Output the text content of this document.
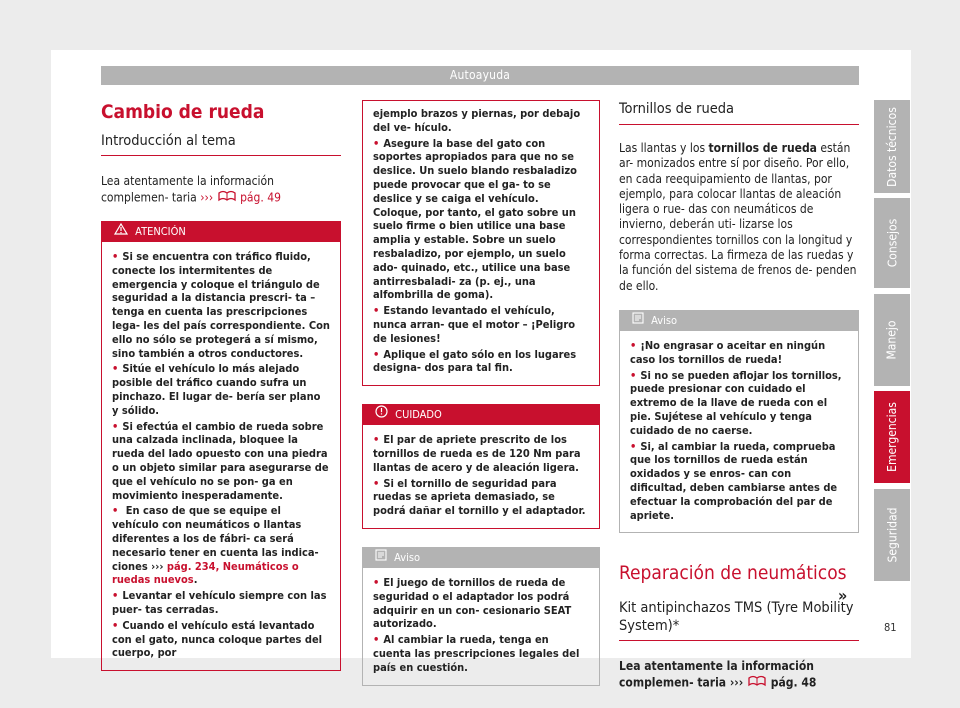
Autoayuda
Cambio de rueda
Introducción al tema
Lea atentamente la información complemen- taria ››› pág. 49
ATENCIÓN
• Si se encuentra con tráfico fluido, conecte los intermitentes de emergencia y coloque el triángulo de seguridad a la distancia prescri- ta – tenga en cuenta las prescripciones lega- les del país correspondiente. Con ello no sólo se protegerá a sí mismo, sino también a otros conductores.
• Sitúe el vehículo lo más alejado posible del tráfico cuando sufra un pinchazo. El lugar de- bería ser plano y sólido.
• Si efectúa el cambio de rueda sobre una calzada inclinada, bloquee la rueda del lado opuesto con una piedra o un objeto similar para asegurarse de que el vehículo no se pon- ga en movimiento inesperadamente.
• En caso de que se equipe el vehículo con neumáticos o llantas diferentes a los de fábri- ca será necesario tener en cuenta las indica- ciones ››› pág. 234, Neumáticos o ruedas nuevos.
• Levantar el vehículo siempre con las puer- tas cerradas.
• Cuando el vehículo está levantado con el gato, nunca coloque partes del cuerpo, por
ejemplo brazos y piernas, por debajo del ve- hículo.
• Asegure la base del gato con soportes apropiados para que no se deslice. Un suelo blando resbaladizo puede provocar que el ga- to se deslice y se caiga el vehículo. Coloque, por tanto, el gato sobre un suelo firme o bien utilice una base amplia y estable. Sobre un suelo resbaladizo, por ejemplo, un suelo ado- quinado, etc., utilice una base antirresbaladi- za (p. ej., una alfombrilla de goma).
• Estando levantado el vehículo, nunca arran- que el motor – ¡Peligro de lesiones!
• Aplique el gato sólo en los lugares designa- dos para tal fin.
CUIDADO
• El par de apriete prescrito de los tornillos de rueda es de 120 Nm para llantas de acero y de aleación ligera.
• Si el tornillo de seguridad para ruedas se aprieta demasiado, se podrá dañar el tornillo y el adaptador.
Aviso
• El juego de tornillos de rueda de seguridad o el adaptador los podrá adquirir en un con- cesionario SEAT autorizado.
• Al cambiar la rueda, tenga en cuenta las prescripciones legales del país en cuestión.
Tornillos de rueda
Las llantas y los tornillos de rueda están ar- monizados entre sí por diseño. Por ello, en cada reequipamiento de llantas, por ejemplo, para colocar llantas de aleación ligera o rue- das con neumáticos de invierno, deberán uti- lizarse los correspondientes tornillos con la longitud y forma correctas. La firmeza de las ruedas y la función del sistema de frenos de- penden de ello.
Aviso
• ¡No engrasar o aceitar en ningún caso los tornillos de rueda!
• Si no se pueden aflojar los tornillos, puede presionar con cuidado el extremo de la llave de rueda con el pie. Sujétese al vehículo y tenga cuidado de no caerse.
• Si, al cambiar la rueda, comprueba que los tornillos de rueda están oxidados y se enros- can con dificultad, deben cambiarse antes de efectuar la comprobación del par de apriete.
Reparación de neumáticos
Kit antipinchazos TMS (Tyre Mobility System)*
Lea atentamente la información complemen- taria ››› pág. 48
»
Datos técnicos
Consejos
Manejo
Emergencias
Seguridad
81
